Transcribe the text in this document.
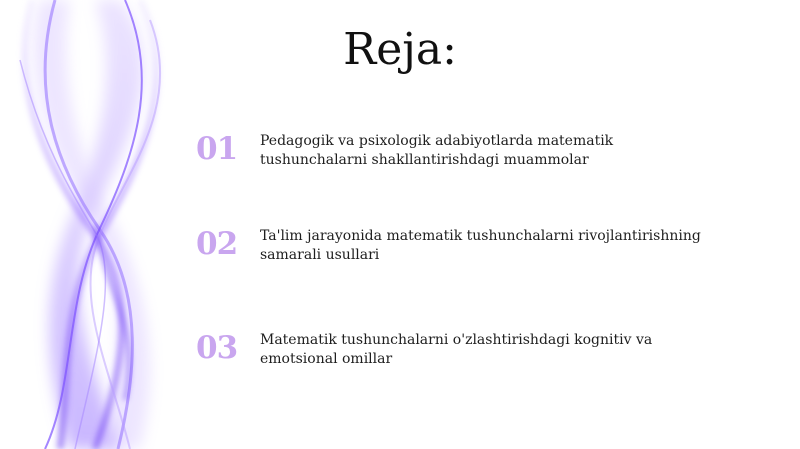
Reja:
01	Pedagogik va psixologik adabiyotlarda matematik
tushunchalarni shakllantirishdagi muammolar
02	Ta'lim jarayonida matematik tushunchalarni rivojlantirishning
samarali usullari
03	Matematik tushunchalarni o'zlashtirishdagi kognitiv va
emotsional omillar
